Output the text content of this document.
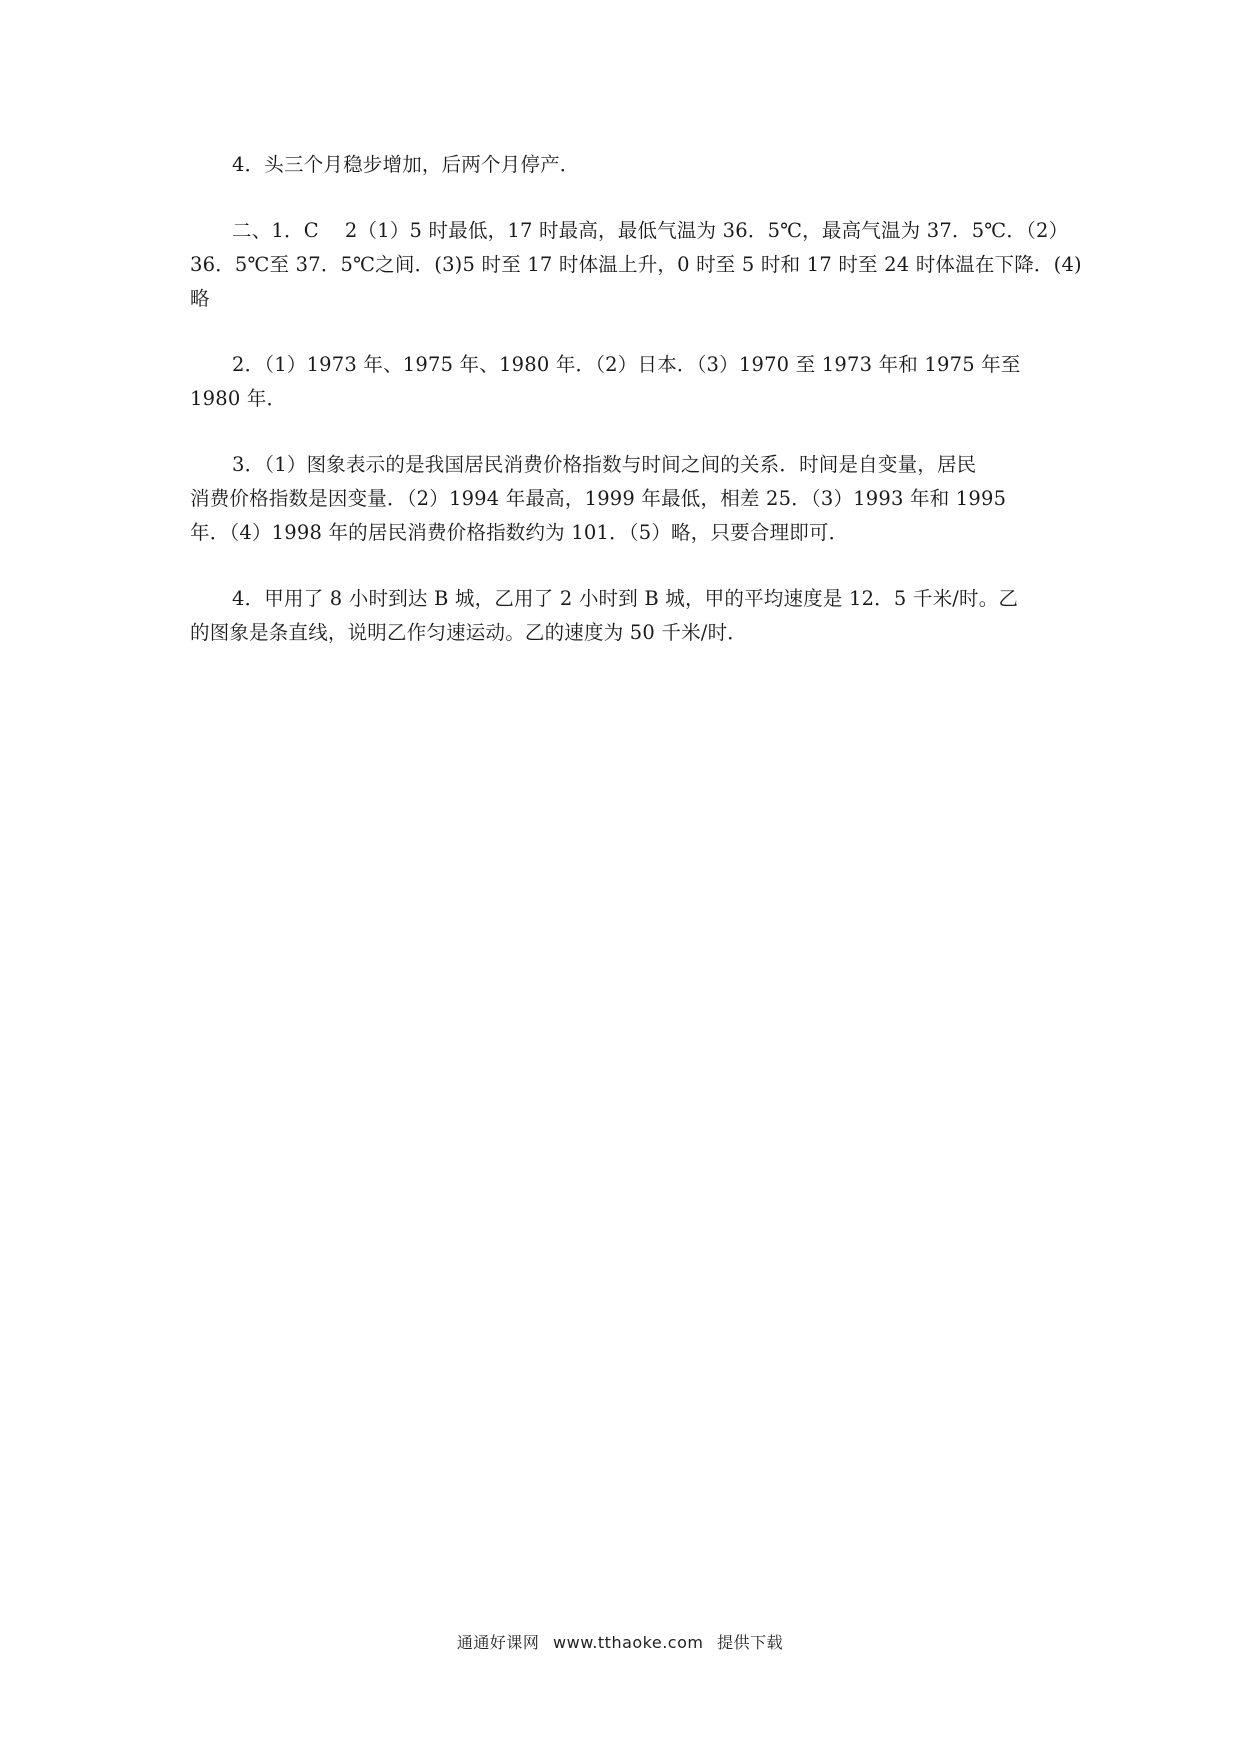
4．头三个月稳步增加，后两个月停产．

二、1．C　 2（1）5 时最低，17 时最高，最低气温为 36．5℃，最高气温为 37．5℃．（2）
36．5℃至 37．5℃之间．(3)5 时至 17 时体温上升，0 时至 5 时和 17 时至 24 时体温在下降．(4)
略

2．（1）1973 年、1975 年、1980 年．（2）日本．（3）1970 至 1973 年和 1975 年至
1980 年．

3．（1）图象表示的是我国居民消费价格指数与时间之间的关系．时间是自变量，居民
消费价格指数是因变量．（2）1994 年最高，1999 年最低，相差 25．（3）1993 年和 1995
年．（4）1998 年的居民消费价格指数约为 101．（5）略，只要合理即可．

4．甲用了 8 小时到达 B 城，乙用了 2 小时到 B 城，甲的平均速度是 12．5 千米/时。乙
的图象是条直线，说明乙作匀速运动。乙的速度为 50 千米/时．

通通好课网 www.tthaoke.com 提供下载
